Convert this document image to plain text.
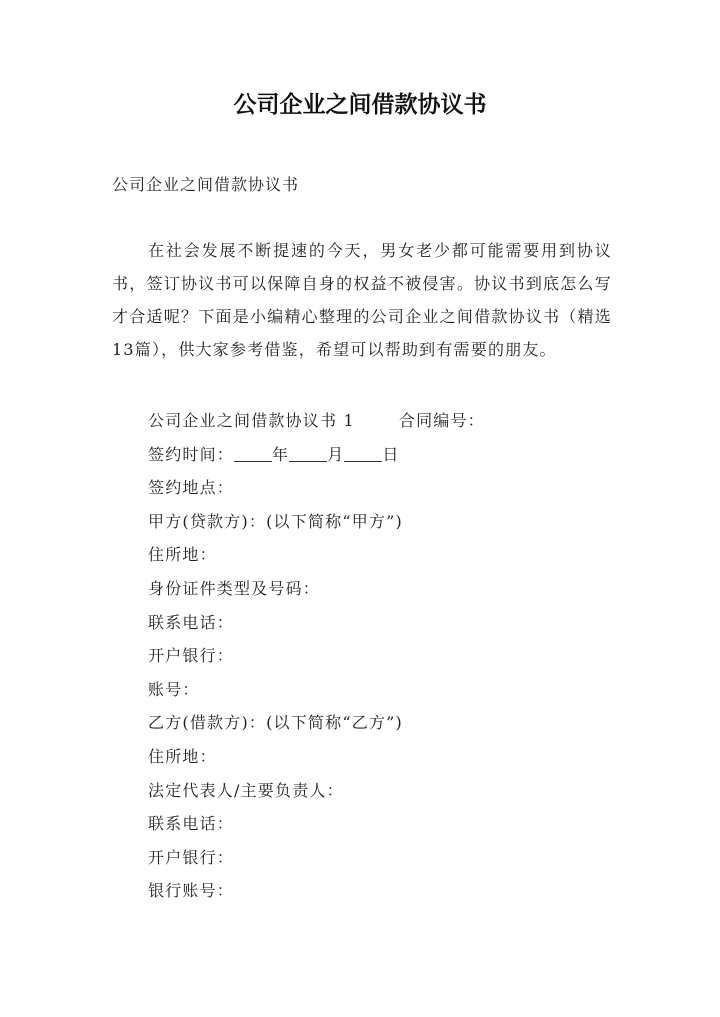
公司企业之间借款协议书
公司企业之间借款协议书

在社会发展不断提速的今天，男女老少都可能需要用到协议书，签订协议书可以保障自身的权益不被侵害。协议书到底怎么写才合适呢？下面是小编精心整理的公司企业之间借款协议书（精选13篇），供大家参考借鉴，希望可以帮助到有需要的朋友。

公司企业之间借款协议书 1	合同编号：
签约时间： 年 月 日
签约地点：
甲方(贷款方)：(以下简称“甲方”)
住所地：
身份证件类型及号码：
联系电话：
开户银行：
账号：
乙方(借款方)：(以下简称“乙方”)
住所地：
法定代表人/主要负责人：
联系电话：
开户银行：
银行账号：
